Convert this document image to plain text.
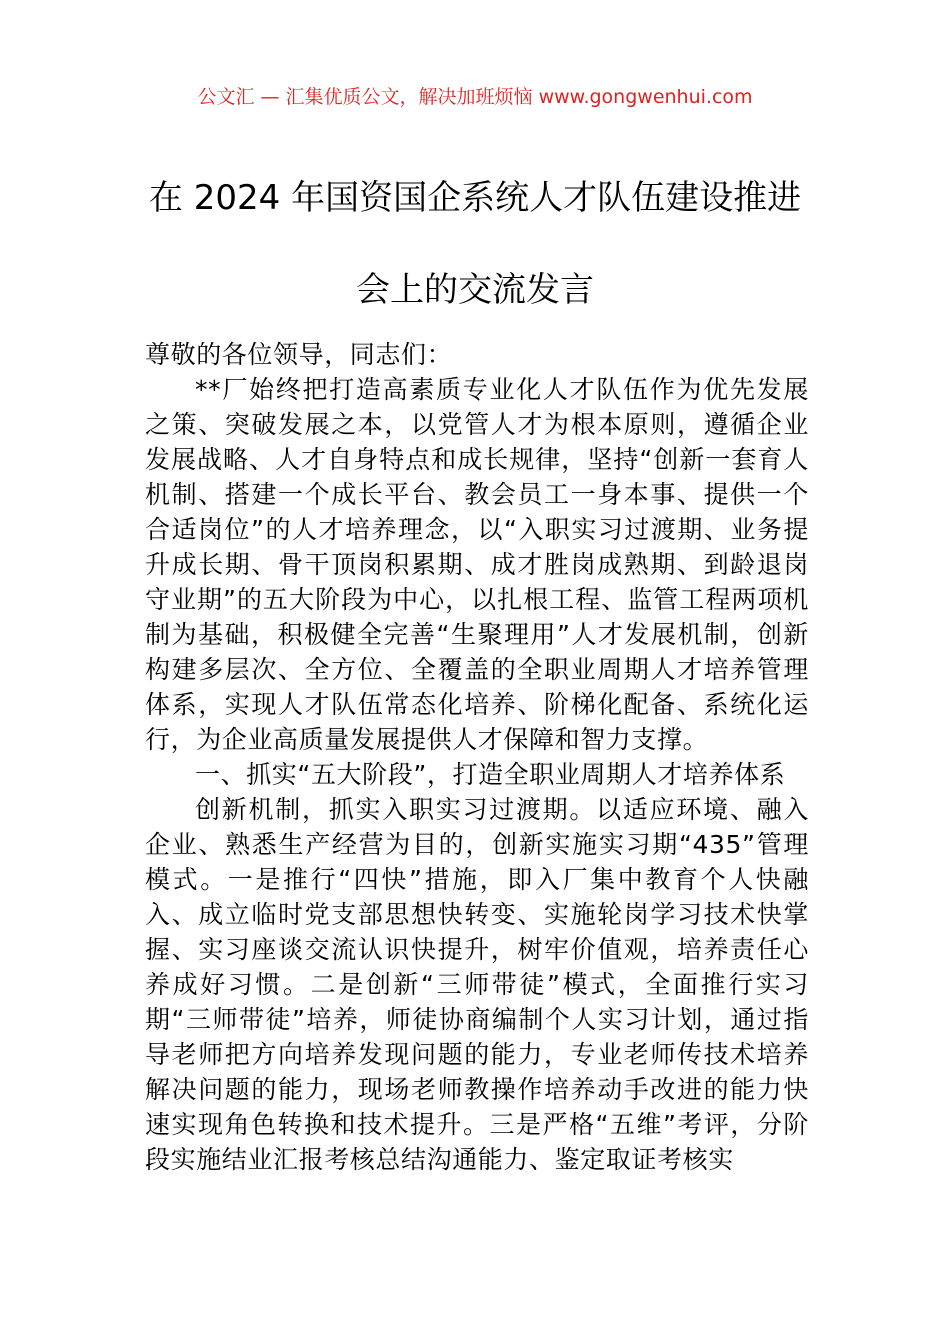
公文汇 — 汇集优质公文，解决加班烦恼 www.gongwenhui.com
在 2024 年国资国企系统人才队伍建设推进
会上的交流发言

尊敬的各位领导，同志们：

**厂始终把打造高素质专业化人才队伍作为优先发展之策、突破发展之本，以党管人才为根本原则，遵循企业发展战略、人才自身特点和成长规律，坚持“创新一套育人机制、搭建一个成长平台、教会员工一身本事、提供一个合适岗位”的人才培养理念，以“入职实习过渡期、业务提升成长期、骨干顶岗积累期、成才胜岗成熟期、到龄退岗守业期”的五大阶段为中心，以扎根工程、监管工程两项机制为基础，积极健全完善“生聚理用”人才发展机制，创新构建多层次、全方位、全覆盖的全职业周期人才培养管理体系，实现人才队伍常态化培养、阶梯化配备、系统化运行，为企业高质量发展提供人才保障和智力支撑。

一、抓实“五大阶段”，打造全职业周期人才培养体系

创新机制，抓实入职实习过渡期。以适应环境、融入企业、熟悉生产经营为目的，创新实施实习期“435”管理模式。一是推行“四快”措施，即入厂集中教育个人快融入、成立临时党支部思想快转变、实施轮岗学习技术快掌握、实习座谈交流认识快提升，树牢价值观，培养责任心养成好习惯。二是创新“三师带徒”模式，全面推行实习期“三师带徒”培养，师徒协商编制个人实习计划，通过指导老师把方向培养发现问题的能力，专业老师传技术培养解决问题的能力，现场老师教操作培养动手改进的能力快速实现角色转换和技术提升。三是严格“五维”考评，分阶段实施结业汇报考核总结沟通能力、鉴定取证考核实
